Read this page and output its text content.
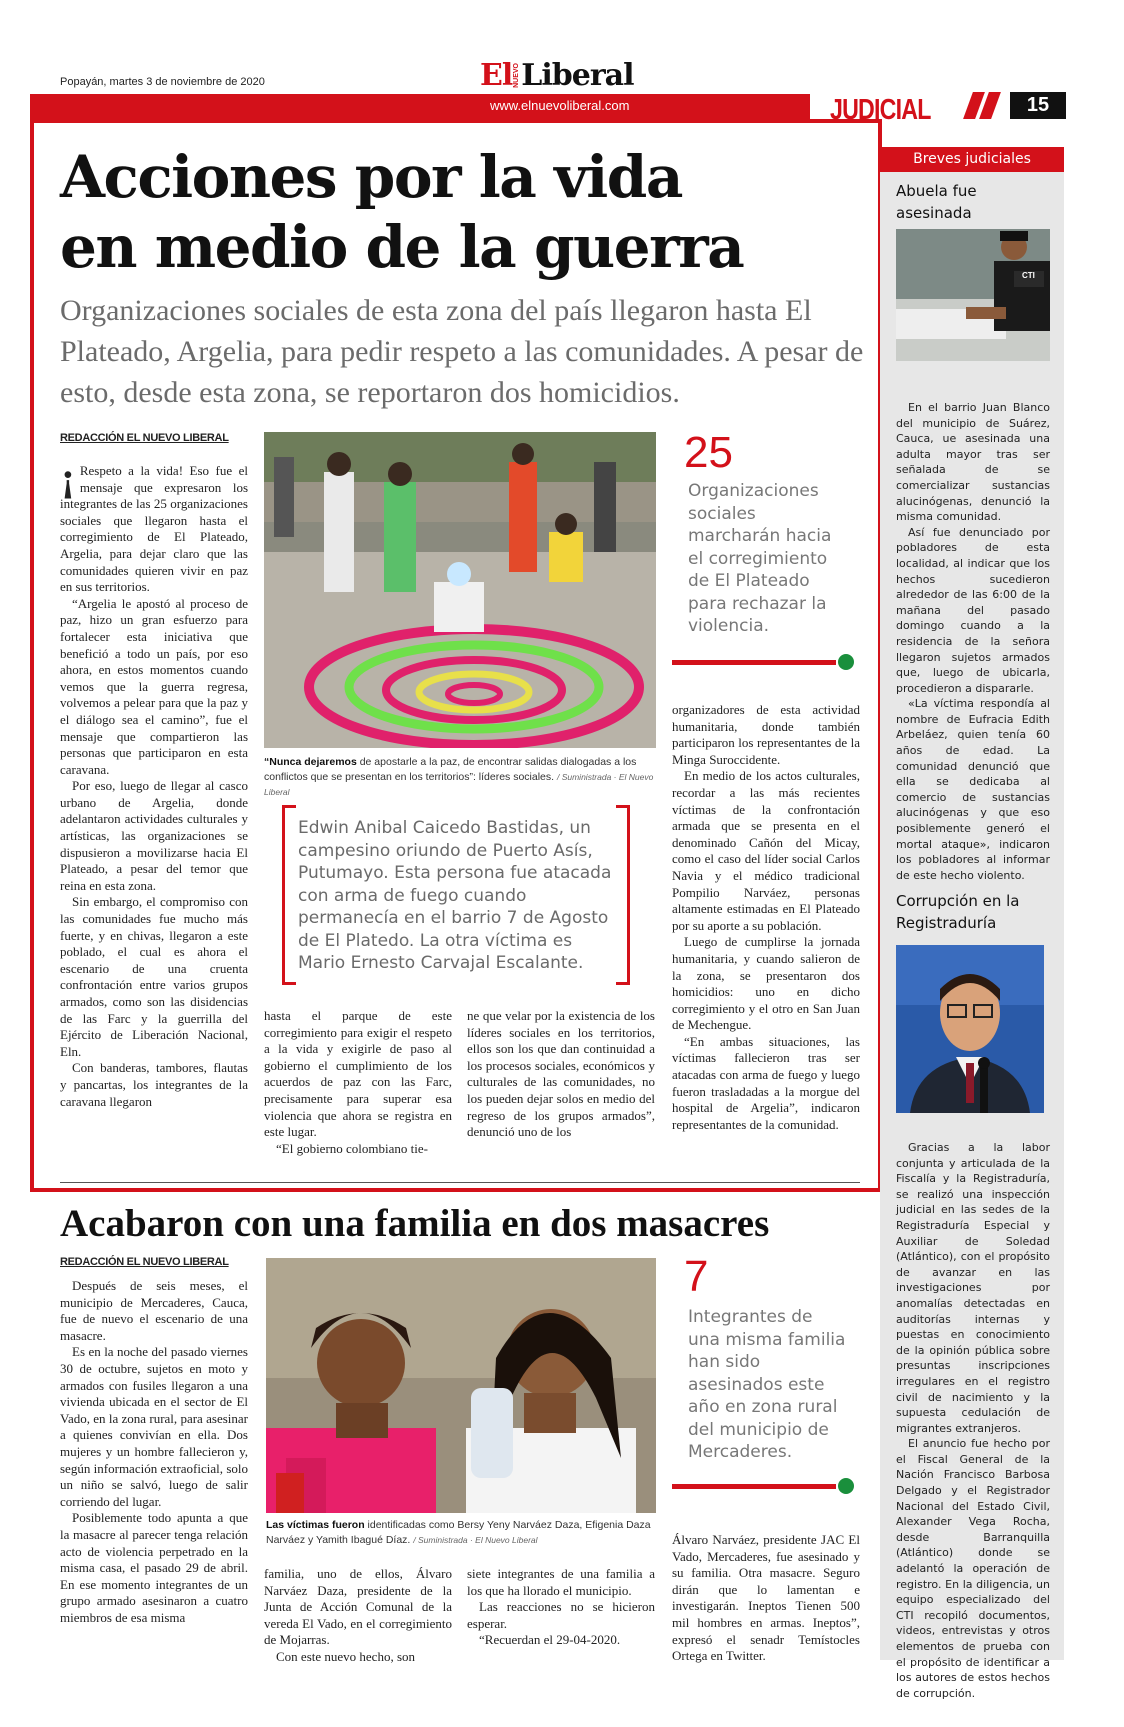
Popayán, martes 3 de noviembre de 2020	El NUEVO Liberal
www.elnuevoliberal.com	JUDICIAL	15
Acciones por la vida
en medio de la guerra
Organizaciones sociales de esta zona del país llegaron hasta El Plateado, Argelia, para pedir respeto a las comunidades. A pesar de esto, desde esta zona, se reportaron dos homicidios.
REDACCIÓN EL NUEVO LIBERAL

¡ Respeto a la vida! Eso fue el mensaje que expresaron los integrantes de las 25 organizaciones sociales que llegaron hasta el corregimiento de El Plateado, Argelia, para dejar claro que las comunidades quieren vivir en paz en sus territorios.

“Argelia le apostó al proceso de paz, hizo un gran esfuerzo para fortalecer esta iniciativa que benefició a todo un país, por eso ahora, en estos momentos cuando vemos que la guerra regresa, volvemos a pelear para que la paz y el diálogo sea el camino”, fue el mensaje que compartieron las personas que participaron en esta caravana.

Por eso, luego de llegar al casco urbano de Argelia, donde adelantaron actividades culturales y artísticas, las organizaciones se dispusieron a movilizarse hacia El Plateado, a pesar del temor que reina en esta zona.

Sin embargo, el compromiso con las comunidades fue mucho más fuerte, y en chivas, llegaron a este poblado, el cual es ahora el escenario de una cruenta confrontación entre varios grupos armados, como son las disidencias de las Farc y la guerrilla del Ejército de Liberación Nacional, Eln.

Con banderas, tambores, flautas y pancartas, los integrantes de la caravana llegaron

“Nunca dejaremos de apostarle a la paz, de encontrar salidas dialogadas a los conflictos que se presentan en los territorios”: líderes sociales. / Suministrada · El Nuevo Liberal
25
Organizaciones sociales marcharán hacia el corregimiento de El Plateado para rechazar la violencia.
Edwin Anibal Caicedo Bastidas, un campesino oriundo de Puerto Asís, Putumayo. Esta persona fue atacada con arma de fuego cuando permanecía en el barrio 7 de Agosto de El Platedo. La otra víctima es Mario Ernesto Carvajal Escalante.

hasta el parque de este corregimiento para exigir el respeto a la vida y exigirle de paso al gobierno el cumplimiento de los acuerdos de paz con las Farc, precisamente para superar esa violencia que ahora se registra en este lugar.

“El gobierno colombiano tie-

ne que velar por la existencia de los líderes sociales en los territorios, ellos son los que dan continuidad a los procesos sociales, económicos y culturales de las comunidades, no los pueden dejar solos en medio del regreso de los grupos armados”, denunció uno de los

organizadores de esta actividad humanitaria, donde también participaron los representantes de la Minga Suroccidente.

En medio de los actos culturales, recordar a las más recientes víctimas de la confrontación armada que se presenta en el denominado Cañón del Micay, como el caso del líder social Carlos Navia y el médico tradicional Pompilio Narváez, personas altamente estimadas en El Plateado por su aporte a su población.

Luego de cumplirse la jornada humanitaria, y cuando salieron de la zona, se presentaron dos homicidios: uno en dicho corregimiento y el otro en San Juan de Mechengue.

“En ambas situaciones, las víctimas fallecieron tras ser atacadas con arma de fuego y luego fueron trasladadas a la morgue del hospital de Argelia”, indicaron representantes de la comunidad.

Acabaron con una familia en dos masacres
REDACCIÓN EL NUEVO LIBERAL

Después de seis meses, el municipio de Mercaderes, Cauca, fue de nuevo el escenario de una masacre.

Es en la noche del pasado viernes 30 de octubre, sujetos en moto y armados con fusiles llegaron a una vivienda ubicada en el sector de El Vado, en la zona rural, para asesinar a quienes convivían en ella. Dos mujeres y un hombre fallecieron y, según información extraoficial, solo un niño se salvó, luego de salir corriendo del lugar.

Posiblemente todo apunta a que la masacre al parecer tenga relación acto de violencia perpetrado en la misma casa, el pasado 29 de abril. En ese momento integrantes de un grupo armado asesinaron a cuatro miembros de esa misma

Las víctimas fueron identificadas como Bersy Yeny Narváez Daza, Efigenia Daza Narváez y Yamith Ibagué Díaz. / Suministrada · El Nuevo Liberal
7
Integrantes de una misma familia han sido asesinados este año en zona rural del municipio de Mercaderes.

familia, uno de ellos, Álvaro Narváez Daza, presidente de la Junta de Acción Comunal de la vereda El Vado, en el corregimiento de Mojarras.

Con este nuevo hecho, son

siete integrantes de una familia a los que ha llorado el municipio.

Las reacciones no se hicieron esperar.

“Recuerdan el 29-04-2020.

Álvaro Narváez, presidente JAC El Vado, Mercaderes, fue asesinado y su familia. Otra masacre. Seguro dirán que lo lamentan e investigarán. Ineptos Tienen 500 mil hombres en armas. Ineptos”, expresó el senadr Temístocles Ortega en Twitter.

Breves judiciales
Abuela fue asesinada
CTI

En el barrio Juan Blanco del municipio de Suárez, Cauca, ue asesinada una adulta mayor tras ser señalada de se comercializar sustancias alucinógenas, denunció la misma comunidad.

Así fue denunciado por pobladores de esta localidad, al indicar que los hechos sucedieron alrededor de las 6:00 de la mañana del pasado domingo cuando a la residencia de la señora llegaron sujetos armados que, luego de ubicarla, procedieron a dispararle.

«La víctima respondía al nombre de Eufracia Edith Arbeláez, quien tenía 60 años de edad. La comunidad denunció que ella se dedicaba al comercio de sustancias alucinógenas y que eso posiblemente generó el mortal ataque», indicaron los pobladores al informar de este hecho violento.

Corrupción en la Registraduría

Gracias a la labor conjunta y articulada de la Fiscalía y la Registraduría, se realizó una inspección judicial en las sedes de la Registraduría Especial y Auxiliar de Soledad (Atlántico), con el propósito de avanzar en las investigaciones por anomalías detectadas en auditorías internas y puestas en conocimiento de la opinión pública sobre presuntas inscripciones irregulares en el registro civil de nacimiento y la supuesta cedulación de migrantes extranjeros.

El anuncio fue hecho por el Fiscal General de la Nación Francisco Barbosa Delgado y el Registrador Nacional del Estado Civil, Alexander Vega Rocha, desde Barranquilla (Atlántico) donde se adelantó la operación de registro. En la diligencia, un equipo especializado del CTI recopiló documentos, videos, entrevistas y otros elementos de prueba con el propósito de identificar a los autores de estos hechos de corrupción.
